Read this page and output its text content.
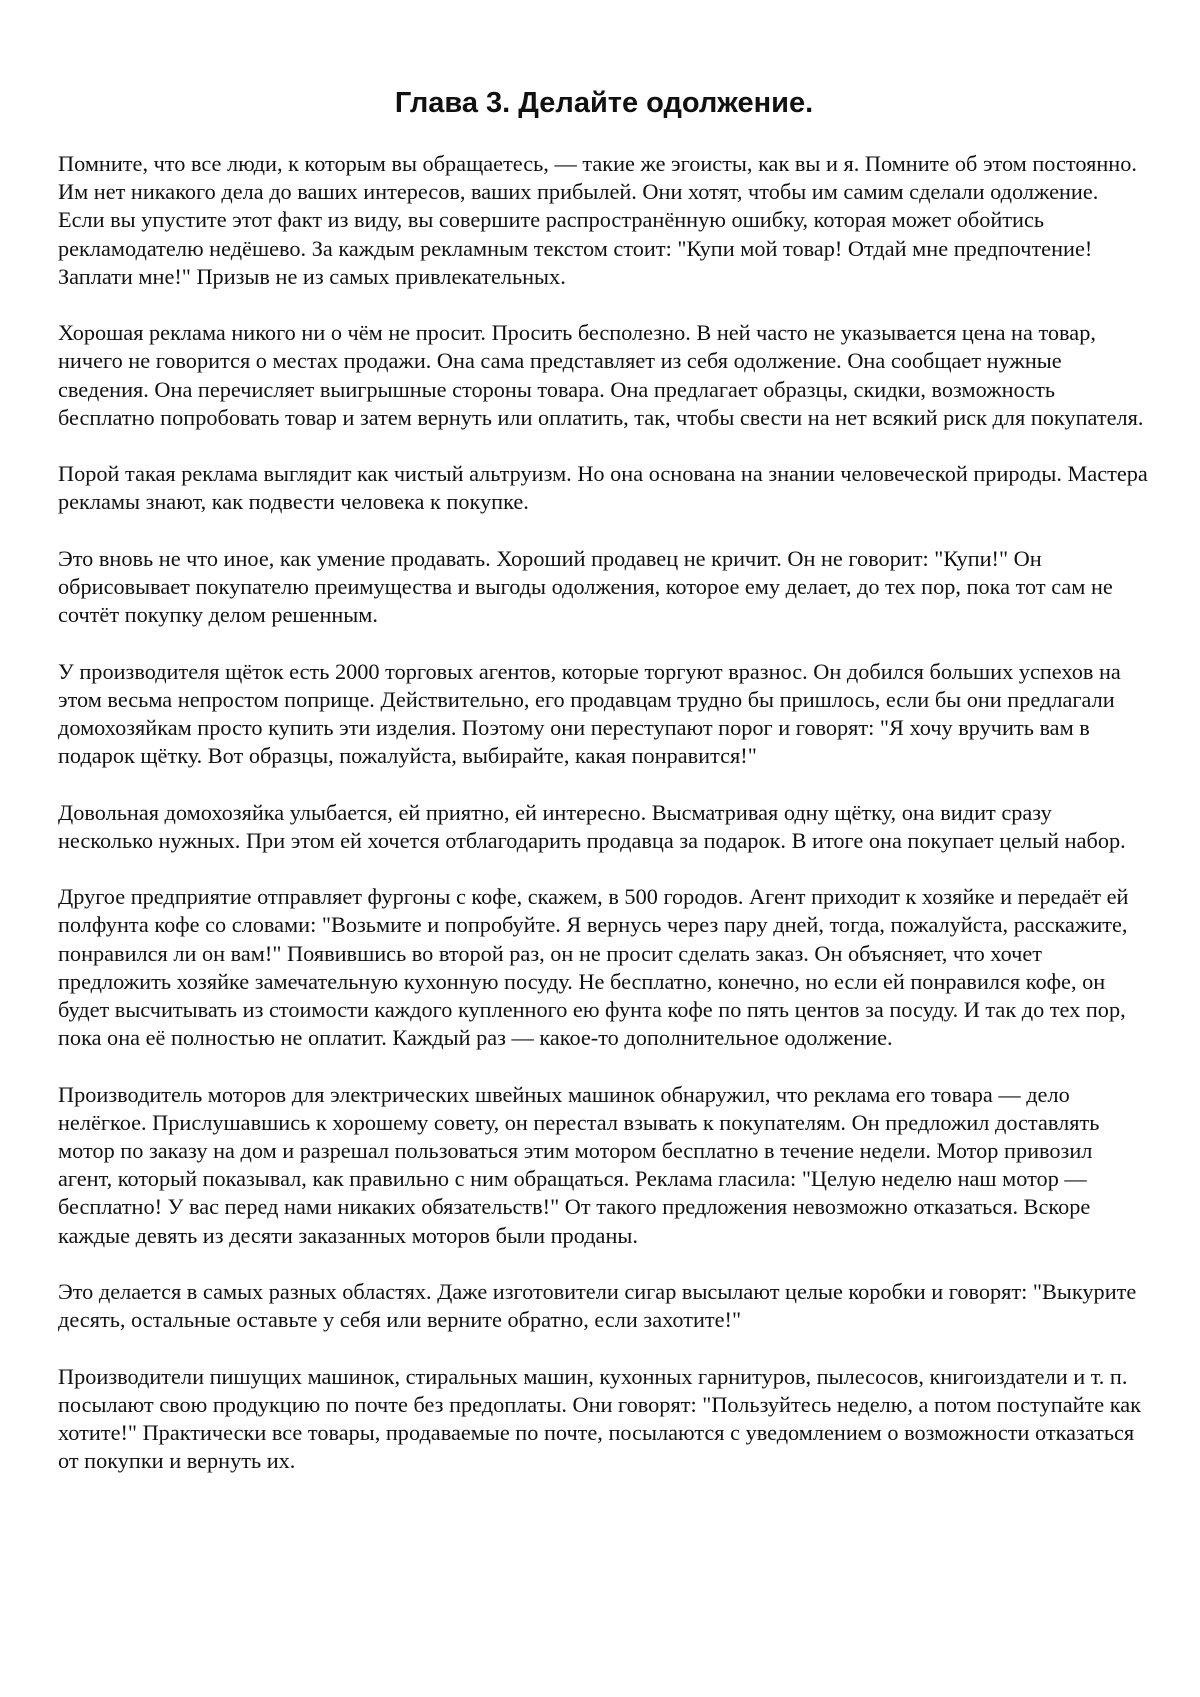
Глава 3. Делайте одолжение.

Помните, что все люди, к которым вы обращаетесь, — такие же эгоисты, как вы и я. Помните об этом постоянно. Им нет никакого дела до ваших интересов, ваших прибылей. Они хотят, чтобы им самим сделали одолжение. Если вы упустите этот факт из виду, вы совершите распространённую ошибку, которая может обойтись рекламодателю недёшево. За каждым рекламным текстом стоит: "Купи мой товар! Отдай мне предпочтение! Заплати мне!" Призыв не из самых привлекательных.

Хорошая реклама никого ни о чём не просит. Просить бесполезно. В ней часто не указывается цена на товар, ничего не говорится о местах продажи. Она сама представляет из себя одолжение. Она сообщает нужные сведения. Она перечисляет выигрышные стороны товара. Она предлагает образцы, скидки, возможность бесплатно попробовать товар и затем вернуть или оплатить, так, чтобы свести на нет всякий риск для покупателя.

Порой такая реклама выглядит как чистый альтруизм. Но она основана на знании человеческой природы. Мастера рекламы знают, как подвести человека к покупке.

Это вновь не что иное, как умение продавать. Хороший продавец не кричит. Он не говорит: "Купи!" Он обрисовывает покупателю преимущества и выгоды одолжения, которое ему делает, до тех пор, пока тот сам не сочтёт покупку делом решенным.

У производителя щёток есть 2000 торговых агентов, которые торгуют вразнос. Он добился больших успехов на этом весьма непростом поприще. Действительно, его продавцам трудно бы пришлось, если бы они предлагали домохозяйкам просто купить эти изделия. Поэтому они переступают порог и говорят: "Я хочу вручить вам в подарок щётку. Вот образцы, пожалуйста, выбирайте, какая понравится!"

Довольная домохозяйка улыбается, ей приятно, ей интересно. Высматривая одну щётку, она видит сразу несколько нужных. При этом ей хочется отблагодарить продавца за подарок. В итоге она покупает целый набор.

Другое предприятие отправляет фургоны с кофе, скажем, в 500 городов. Агент приходит к хозяйке и передаёт ей полфунта кофе со словами: "Возьмите и попробуйте. Я вернусь через пару дней, тогда, пожалуйста, расскажите, понравился ли он вам!" Появившись во второй раз, он не просит сделать заказ. Он объясняет, что хочет предложить хозяйке замечательную кухонную посуду. Не бесплатно, конечно, но если ей понравился кофе, он будет высчитывать из стоимости каждого купленного ею фунта кофе по пять центов за посуду. И так до тех пор, пока она её полностью не оплатит. Каждый раз — какое-то дополнительное одолжение.

Производитель моторов для электрических швейных машинок обнаружил, что реклама его товара — дело нелёгкое. Прислушавшись к хорошему совету, он перестал взывать к покупателям. Он предложил доставлять мотор по заказу на дом и разрешал пользоваться этим мотором бесплатно в течение недели. Мотор привозил агент, который показывал, как правильно с ним обращаться. Реклама гласила: "Целую неделю наш мотор — бесплатно! У вас перед нами никаких обязательств!" От такого предложения невозможно отказаться. Вскоре каждые девять из десяти заказанных моторов были проданы.

Это делается в самых разных областях. Даже изготовители сигар высылают целые коробки и говорят: "Выкурите десять, остальные оставьте у себя или верните обратно, если захотите!"

Производители пишущих машинок, стиральных машин, кухонных гарнитуров, пылесосов, книгоиздатели и т. п. посылают свою продукцию по почте без предоплаты. Они говорят: "Пользуйтесь неделю, а потом поступайте как хотите!" Практически все товары, продаваемые по почте, посылаются с уведомлением о возможности отказаться от покупки и вернуть их.
